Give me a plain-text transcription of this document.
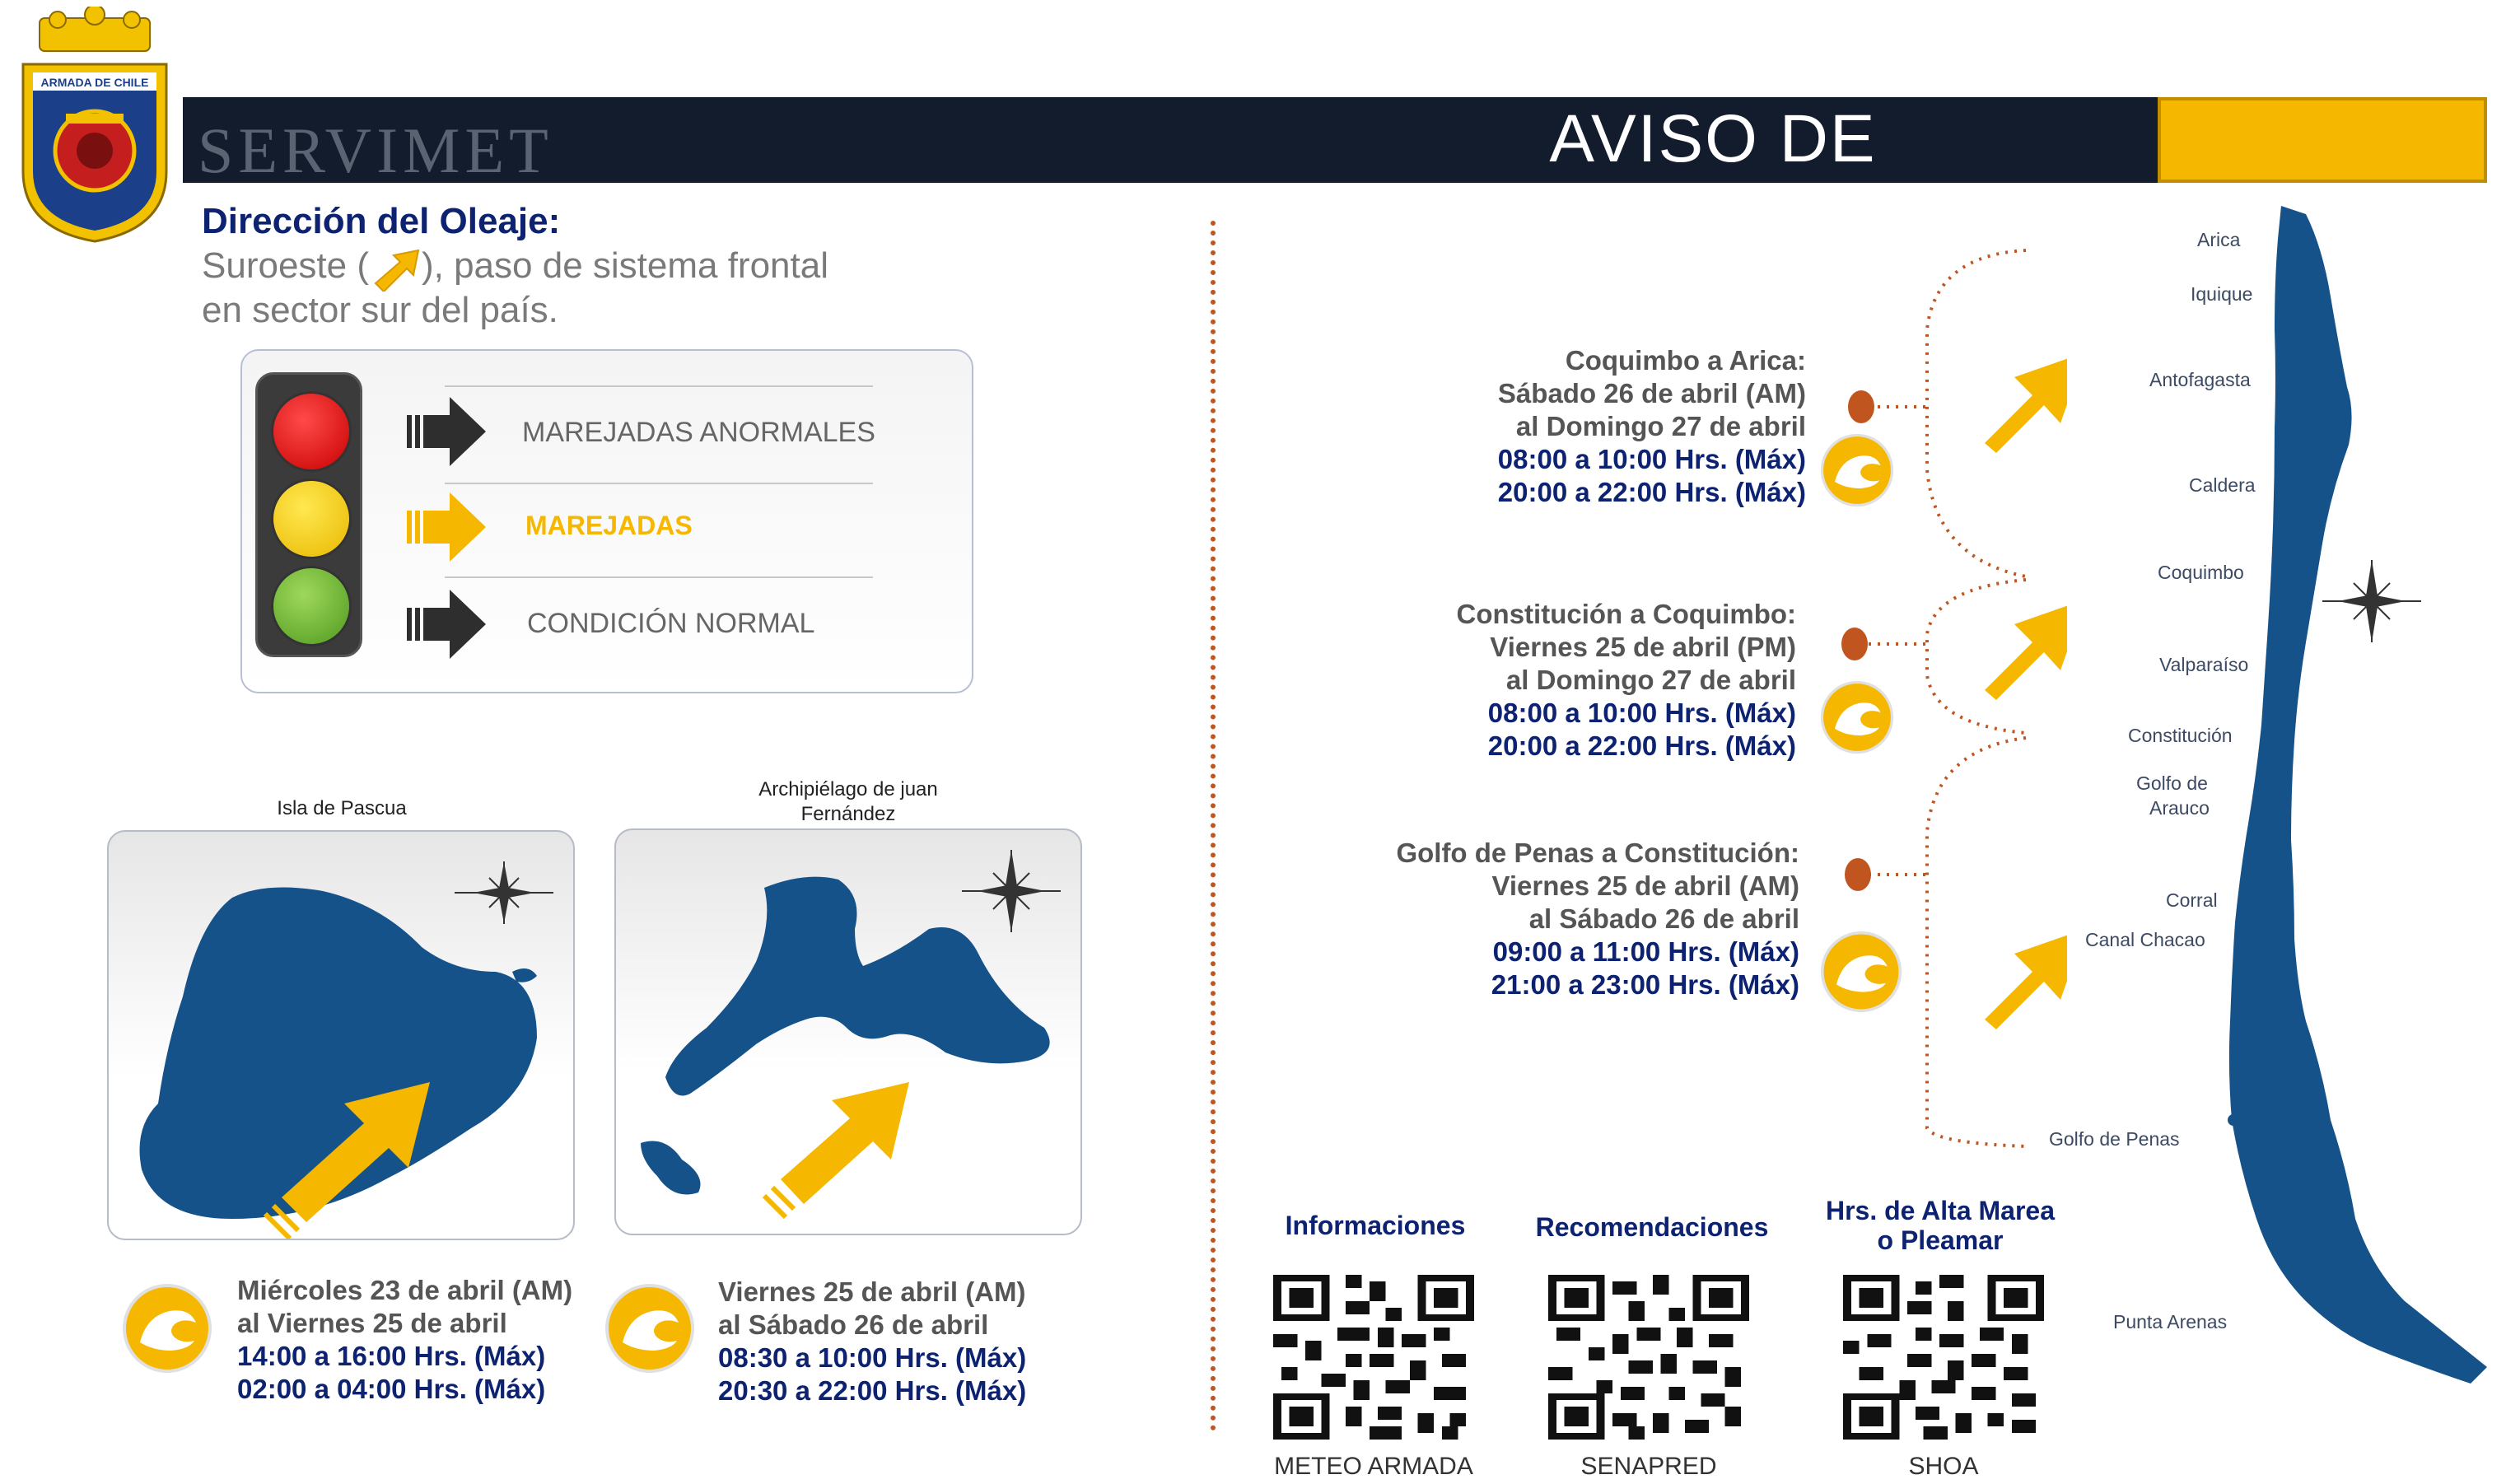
SERVIMET	AVISO DE MAREJADAS
ARMADA DE CHILE
Dirección del Oleaje:
Suroeste ( ), paso de sistema frontal
en sector sur del país.
MAREJADAS ANORMALES
MAREJADAS
CONDICIÓN NORMAL
Isla de Pascua
Archipiélago de juan
Fernández
Miércoles 23 de abril (AM)
al Viernes 25 de abril
14:00 a 16:00 Hrs. (Máx)
02:00 a 04:00 Hrs. (Máx)
Viernes 25 de abril (AM)
al Sábado 26 de abril
08:30 a 10:00 Hrs. (Máx)
20:30 a 22:00 Hrs. (Máx)
Coquimbo a Arica:
Sábado 26 de abril (AM)
al Domingo 27 de abril
08:00 a 10:00 Hrs. (Máx)
20:00 a 22:00 Hrs. (Máx)
Constitución a Coquimbo:
Viernes 25 de abril (PM)
al Domingo 27 de abril
08:00 a 10:00 Hrs. (Máx)
20:00 a 22:00 Hrs. (Máx)
Golfo de Penas a Constitución:
Viernes 25 de abril (AM)
al Sábado 26 de abril
09:00 a 11:00 Hrs. (Máx)
21:00 a 23:00 Hrs. (Máx)
Arica
Iquique
Antofagasta
Caldera
Coquimbo
Valparaíso
Constitución
Golfo de
Arauco
Corral
Canal Chacao
Golfo de Penas
Punta Arenas
Informaciones	Recomendaciones
Hrs. de Alta Marea
o Pleamar
METEO ARMADA	SENAPRED	SHOA
